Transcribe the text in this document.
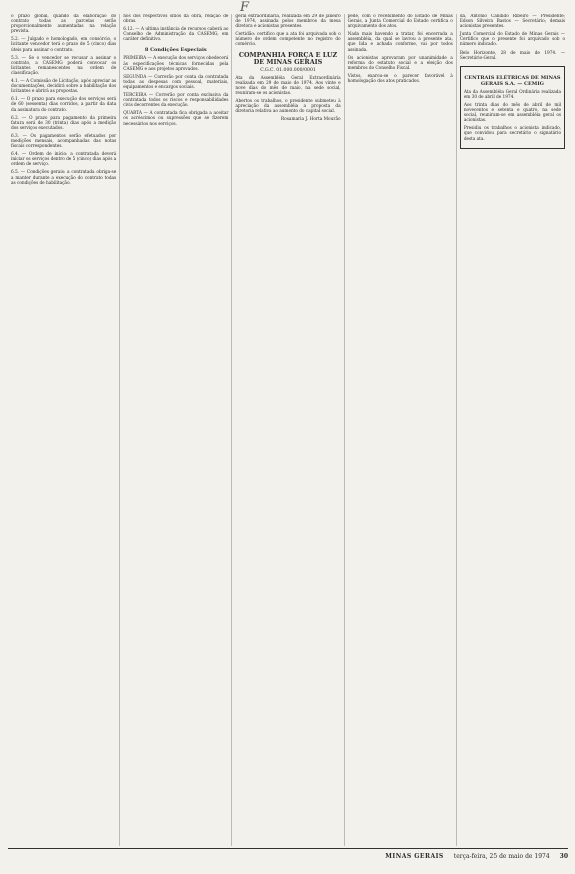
F

o prazo global, quando da elaboração do contrato todas as parcelas serão proporcionalmente aumentadas na relação prevista.

5.2. — Julgado e homologado, em consórcio, o licitante vencedor terá o prazo de 5 (cinco) dias úteis para assinar o contrato.

5.3. — Se o vencedor se recusar a assinar o contrato, a CASEMG poderá convocar os licitantes remanescentes na ordem de classificação.

4.1. — A Comissão de Licitação, após apreciar as documentações, decidirá sobre a habilitação dos licitantes e abrirá as propostas.

6.1. — O prazo para execução dos serviços será de 60 (sessenta) dias corridos, a partir da data da assinatura do contrato.

6.2. — O prazo para pagamento da primeira fatura será de 30 (trinta) dias após a medição dos serviços executados.

6.3. — Os pagamentos serão efetuados por medições mensais, acompanhadas das notas fiscais correspondentes.

6.4. — Ordem de início: a contratada deverá iniciar os serviços dentro de 5 (cinco) dias após a ordem de serviço.

6.5. — Condições gerais: a contratada obriga-se a manter durante a execução do contrato todas as condições de habilitação.

nos dos respectivos sítios da obra, relação de obras.

6.12. — A ultima instância de recursos caberá ao Conselho de Administração da CASEMG, em caráter definitivo.

8 Condições Especiais

PRIMEIRA — A execução dos serviços obedecerá às especificações técnicas fornecidas pela CASEMG e aos projetos aprovados.

SEGUNDA — Correrão por conta da contratada todas as despesas com pessoal, materiais, equipamentos e encargos sociais.

TERCEIRA — Correrão por conta exclusiva da contratada todos os riscos e responsabilidades civis decorrentes da execução.

QUARTA — A contratada fica obrigada a aceitar os acréscimos ou supressões que se fizerem necessários nos serviços.

geral extraordinária, realizada em 29 de janeiro de 1974, assinada pelos membros da mesa diretora e acionistas presentes.

Certidão: certifico que a ata foi arquivada sob o número de ordem competente no registro do comércio.

COMPANHIA FORÇA E LUZ DE MINAS GERAIS
C.G.C. 01.000.000/0001

Ata da Assembléia Geral Extraordinária realizada em 29 de maio de 1974. Aos vinte e nove dias do mês de maio, na sede social, reuniram-se os acionistas.

Abertos os trabalhos, o presidente submeteu à apreciação da assembléia a proposta da diretoria relativa ao aumento do capital social.

Rosamaria J. Horta Mourão

pede, com o recebimento do Estado de Minas Gerais, a Junta Comercial do Estado certifica o arquivamento dos atos.

Nada mais havendo a tratar, foi encerrada a assembléia, da qual se lavrou a presente ata, que lida e achada conforme, vai por todos assinada.

Os acionistas aprovaram por unanimidade a reforma do estatuto social e a eleição dos membros do Conselho Fiscal.

Vistos, exarou-se o parecer favorável à homologação dos atos praticados.

da, Antônio Cândido Ribeiro — Presidente; Edson Silveira Bastos — Secretário; demais acionistas presentes.

Junta Comercial do Estado de Minas Gerais — Certifico que o presente foi arquivado sob o número indicado.

Belo Horizonte, 28 de maio de 1974. — Secretário-Geral.

CENTRAIS ELÉTRICAS DE MINAS GERAIS S.A. — CEMIG

Ata da Assembléia Geral Ordinária realizada em 30 de abril de 1974.

Aos trinta dias do mês de abril de mil novecentos e setenta e quatro, na sede social, reuniram-se em assembléia geral os acionistas.

Presidiu os trabalhos o acionista indicado, que convidou para secretário o signatário desta ata.

MINAS GERAIS terça-feira, 25 de maio de 1974 30
